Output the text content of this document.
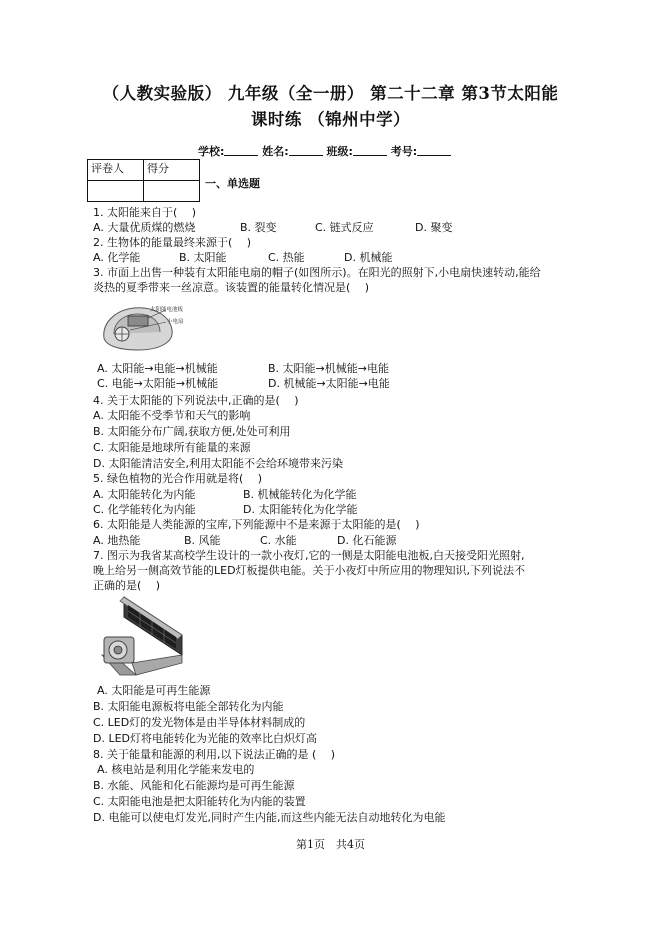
（人教实验版） 九年级（全一册） 第二十二章 第3节太阳能
课时练 （锦州中学）
学校:	姓名:	班级:	考号:
评卷人	得分

一、单选题
1. 太阳能来自于(　 )
A. 大量优质煤的燃烧	B. 裂变	C. 链式反应	D. 聚变
2. 生物体的能量最终来源于(　 )
A. 化学能	B. 太阳能	C. 热能	D. 机械能
3. 市面上出售一种装有太阳能电扇的帽子(如图所示)。在阳光的照射下,小电扇快速转动,能给
炎热的夏季带来一丝凉意。该装置的能量转化情况是(　 )
太阳能电池板
小电扇
A. 太阳能→电能→机械能	B. 太阳能→机械能→电能
C. 电能→太阳能→机械能	D. 机械能→太阳能→电能
4. 关于太阳能的下列说法中,正确的是(　 )
A. 太阳能不受季节和天气的影响
B. 太阳能分布广阔,获取方便,处处可利用
C. 太阳能是地球所有能量的来源
D. 太阳能清洁安全,利用太阳能不会给环境带来污染
5. 绿色植物的光合作用就是将(　 )
A. 太阳能转化为内能	B. 机械能转化为化学能
C. 化学能转化为内能	D. 太阳能转化为化学能
6. 太阳能是人类能源的宝库,下列能源中不是来源于太阳能的是(　 )
A. 地热能	B. 风能	C. 水能	D. 化石能源
7. 图示为我省某高校学生设计的一款小夜灯,它的一侧是太阳能电池板,白天接受阳光照射,
晚上给另一侧高效节能的LED灯板提供电能。关于小夜灯中所应用的物理知识,下列说法不
正确的是(　 )
A. 太阳能是可再生能源
B. 太阳能电源板将电能全部转化为内能
C. LED灯的发光物体是由半导体材料制成的
D. LED灯将电能转化为光能的效率比白炽灯高
8. 关于能量和能源的利用,以下说法正确的是 (　 )
A. 核电站是利用化学能来发电的
B. 水能、风能和化石能源均是可再生能源
C. 太阳能电池是把太阳能转化为内能的装置
D. 电能可以使电灯发光,同时产生内能,而这些内能无法自动地转化为电能
第1页　共4页
